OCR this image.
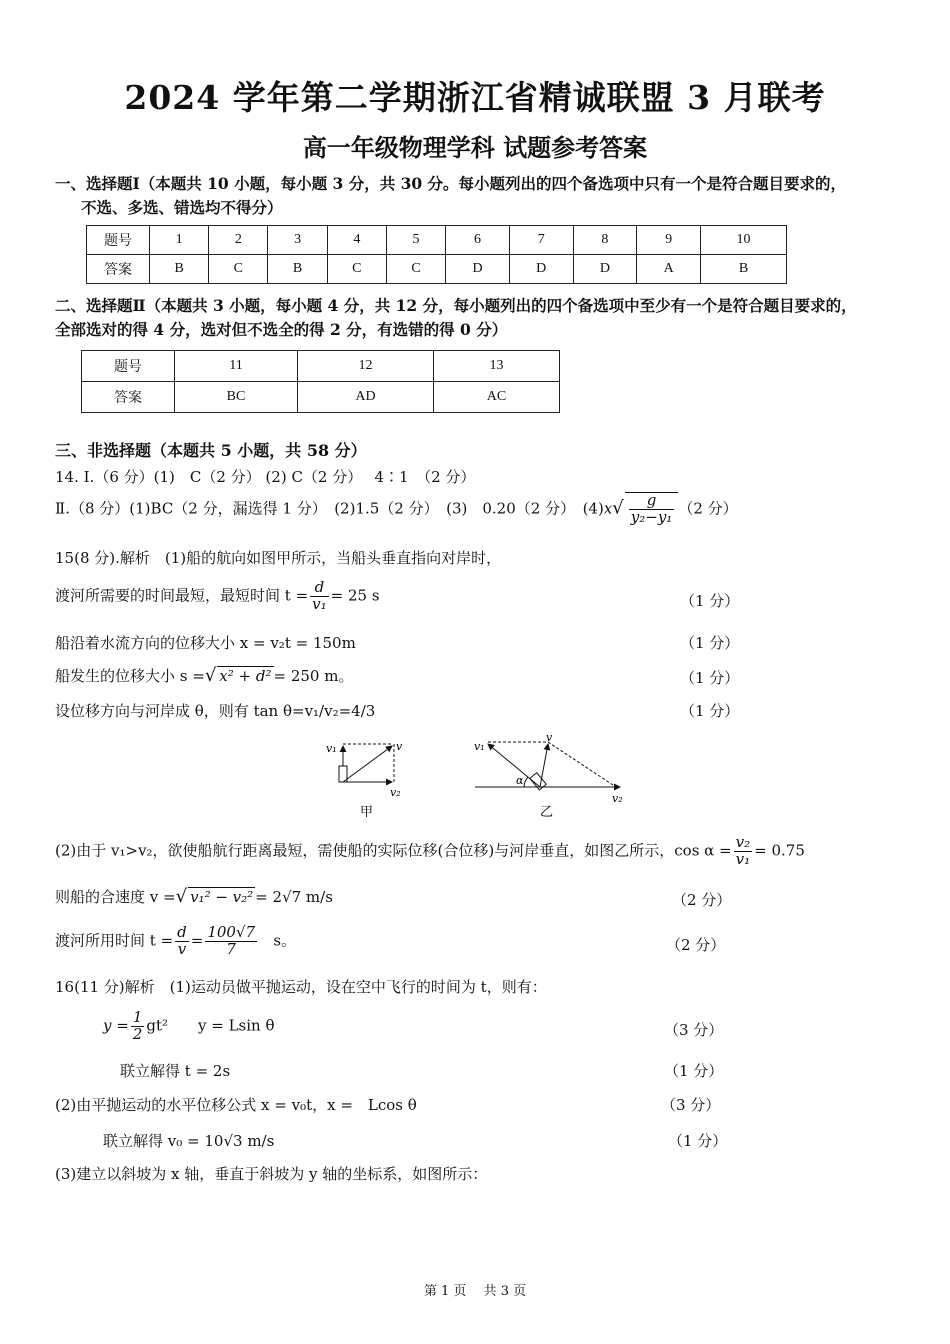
2024 学年第二学期浙江省精诚联盟 3 月联考
高一年级物理学科 试题参考答案
一、选择题Ⅰ（本题共 10 小题，每小题 3 分，共 30 分。每小题列出的四个备选项中只有一个是符合题目要求的，
不选、多选、错选均不得分）
题号	1	2	3	4	5	6	7	8	9	10
答案	B	C	B	C	C	D	D	D	A	B
二、选择题Ⅱ（本题共 3 小题，每小题 4 分，共 12 分，每小题列出的四个备选项中至少有一个是符合题目要求的，
全部选对的得 4 分，选对但不选全的得 2 分，有选错的得 0 分）
题号	11	12	13
答案	BC	AD	AC
三、非选择题（本题共 5 小题，共 58 分）
14. Ⅰ.（6 分）(1)　C（2 分） (2) C（2 分）　 4∶1　（2 分）
Ⅱ.（8 分）(1)BC（2 分，漏选得 1 分）　(2)1.5（2 分）　(3)　0.20（2 分）　$(4)x√ \frac{g}{\text{y₂−y₁}} (2$ 分）
15(8 分).解析　(1)船的航向如图甲所示，当船头垂直指向对岸时，
渡河所需要的时间最短，最短时间 $t = \frac{d}{\text{v₁}} = 25$ s	（1 分）
船沿着水流方向的位移大小 x = v₂t = 150m	（1 分）
船发生的位移大小 s =√ x² + d² = 250 m。	（1 分）
设位移方向与河岸成 θ，则有 tan θ=v₁/v₂=4/3	（1 分）
v₁	v
v₂
甲
v₁
v
α
v₂
乙
(2)由于 v₁>v₂，欲使船航行距离最短，需使船的实际位移(合位移)与河岸垂直，如图乙所示，$\cos \alpha = \frac{\text{v₂}}{\text{v₁}} = 0.75$
则船的合速度 v =√ v₁² − v₂² = 2√7 m/s	（2 分）
渡河所用时间 $t = \frac{d}{v} = \frac{100√7}{7}$ s。	（2 分）
16(11 分)解析　(1)运动员做平抛运动，设在空中飞行的时间为 t，则有：
$y = \frac{1}{2} gt^2$　　y = Lsin θ	（3 分）
联立解得 t = 2s	（1 分）
(2)由平抛运动的水平位移公式 x = v₀t，x =　Lcos θ	（3 分）
联立解得 v₀ = 10√3 m/s	（1 分）
(3)建立以斜坡为 x 轴，垂直于斜坡为 y 轴的坐标系，如图所示：
第 1 页　 共 3 页
